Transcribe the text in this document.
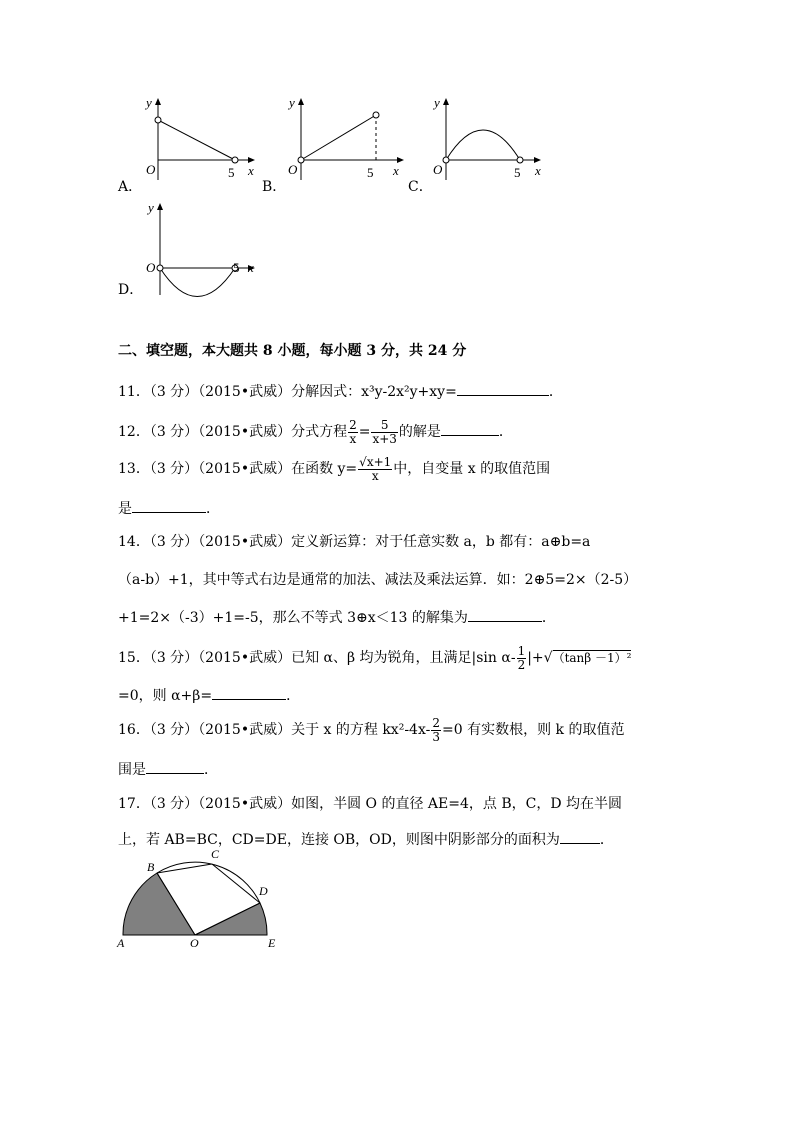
y
x
O	5
A．
y
x
O	5
B．
y
x
O	5
C．
y
x
O	5
D．
二、填空题，本大题共 8 小题，每小题 3 分，共 24 分
11．（3 分）（2015•武威）分解因式：x³y-2x²y+xy=	．
12．（3 分）（2015•武威）分式方程 $\frac{2}{x} = \frac{5}{x+3}$ 的解是	．
13．（3 分）（2015•武威）在函数 $y= \frac{√x+1}{x}$ 中，自变量 x 的取值范围
是	．
14．（3 分）（2015•武威）定义新运算：对于任意实数 a，b 都有：a⊕b=a
（a-b）+1，其中等式右边是通常的加法、减法及乘法运算．如：2⊕5=2×（2-5）
+1=2×（-3）+1=-5，那么不等式 3⊕x＜13 的解集为	．
15．（3 分）（2015•武威）已知 α、β 均为锐角，且满足|sin $\alpha- \frac{1}{2} |+√(\tan\beta -1)^2$
=0，则 α+β=	．
16．（3 分）（2015•武威）关于 x 的方程 $kx^2-4x- \frac{2}{3} =0$ 有实数根，则 k 的取值范
围是	．
17．（3 分）（2015•武威）如图，半圆 O 的直径 AE=4，点 B，C，D 均在半圆
上，若 AB=BC，CD=DE，连接 OB，OD，则图中阴影部分的面积为	．
A
B
C
D
E
O
